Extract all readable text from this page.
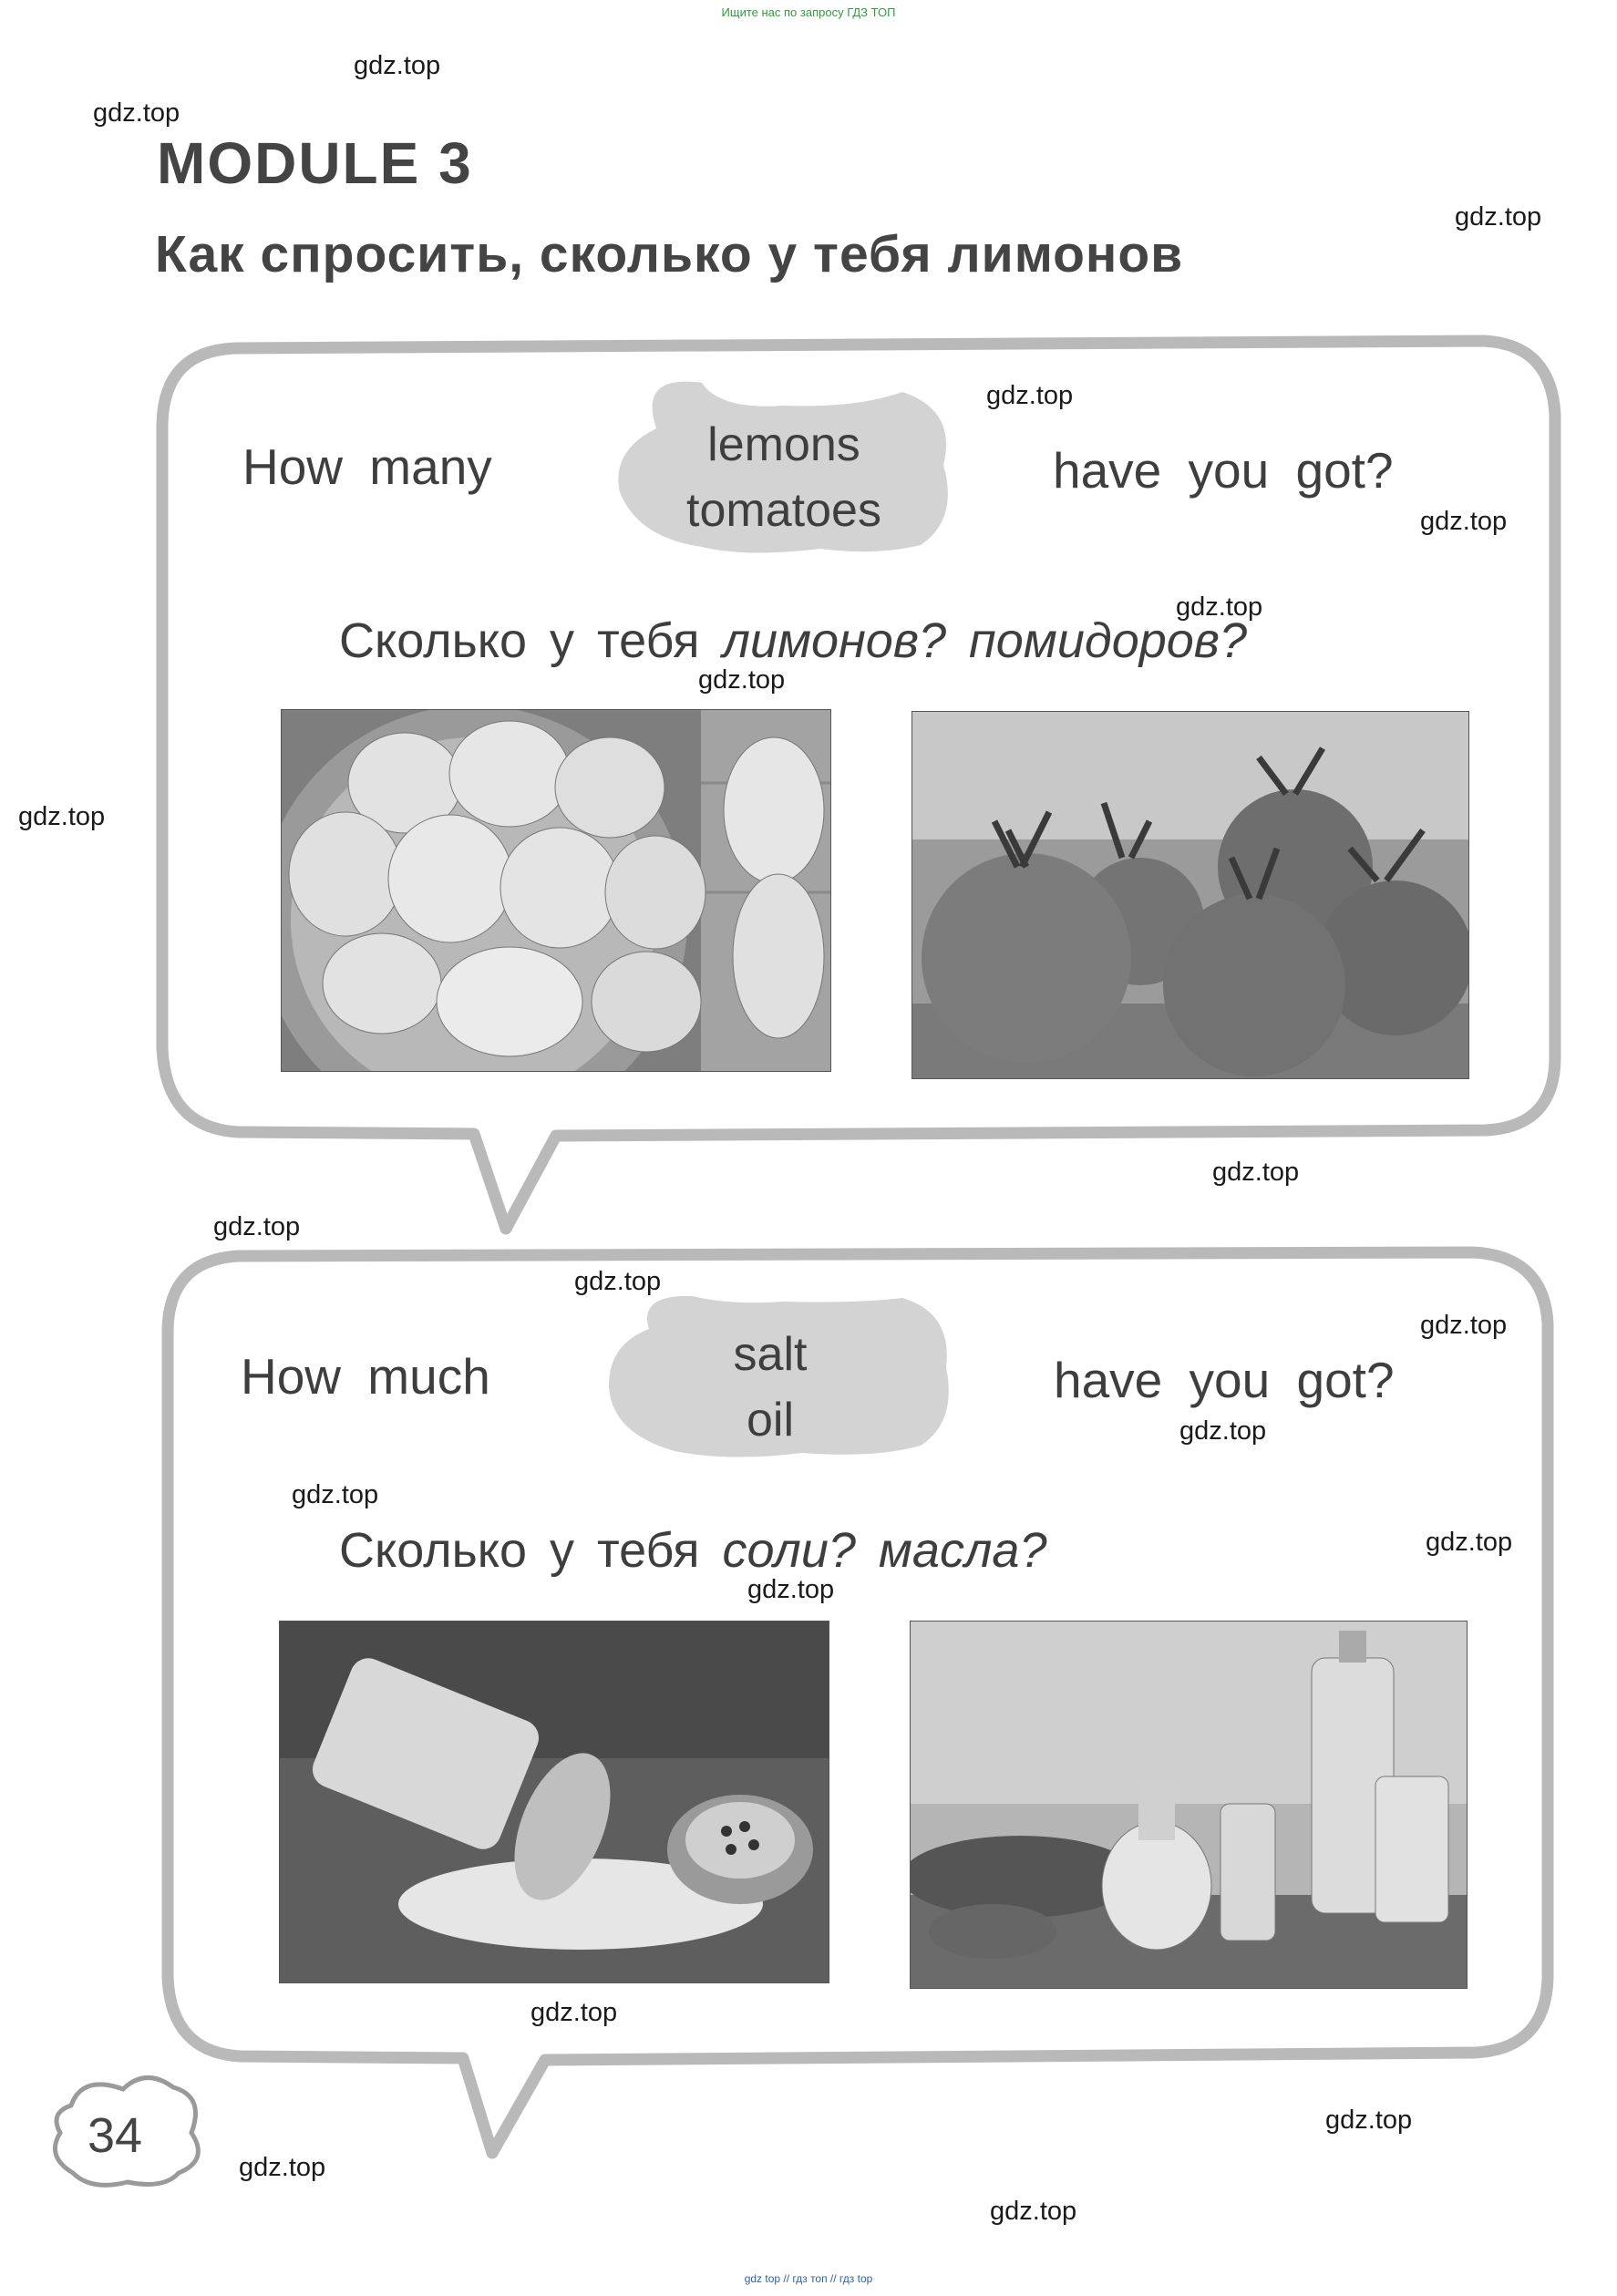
Ищите нас по запросу ГДЗ ТОП
MODULE 3
Как спросить, сколько у тебя лимонов
How many	lemons
tomatoes
have you got?
Сколько у тебя лимонов? помидоров?
How much	salt
oil
have you got?
Сколько у тебя соли? масла?
34
gdz.top
gdz.top
gdz.top
gdz.top
gdz.top
gdz.top
gdz.top
gdz.top
gdz.top
gdz.top
gdz.top
gdz.top
gdz.top
gdz.top
gdz.top
gdz.top
gdz.top
gdz.top
gdz.top
gdz.top
gdz top // гдз топ // гдз top
